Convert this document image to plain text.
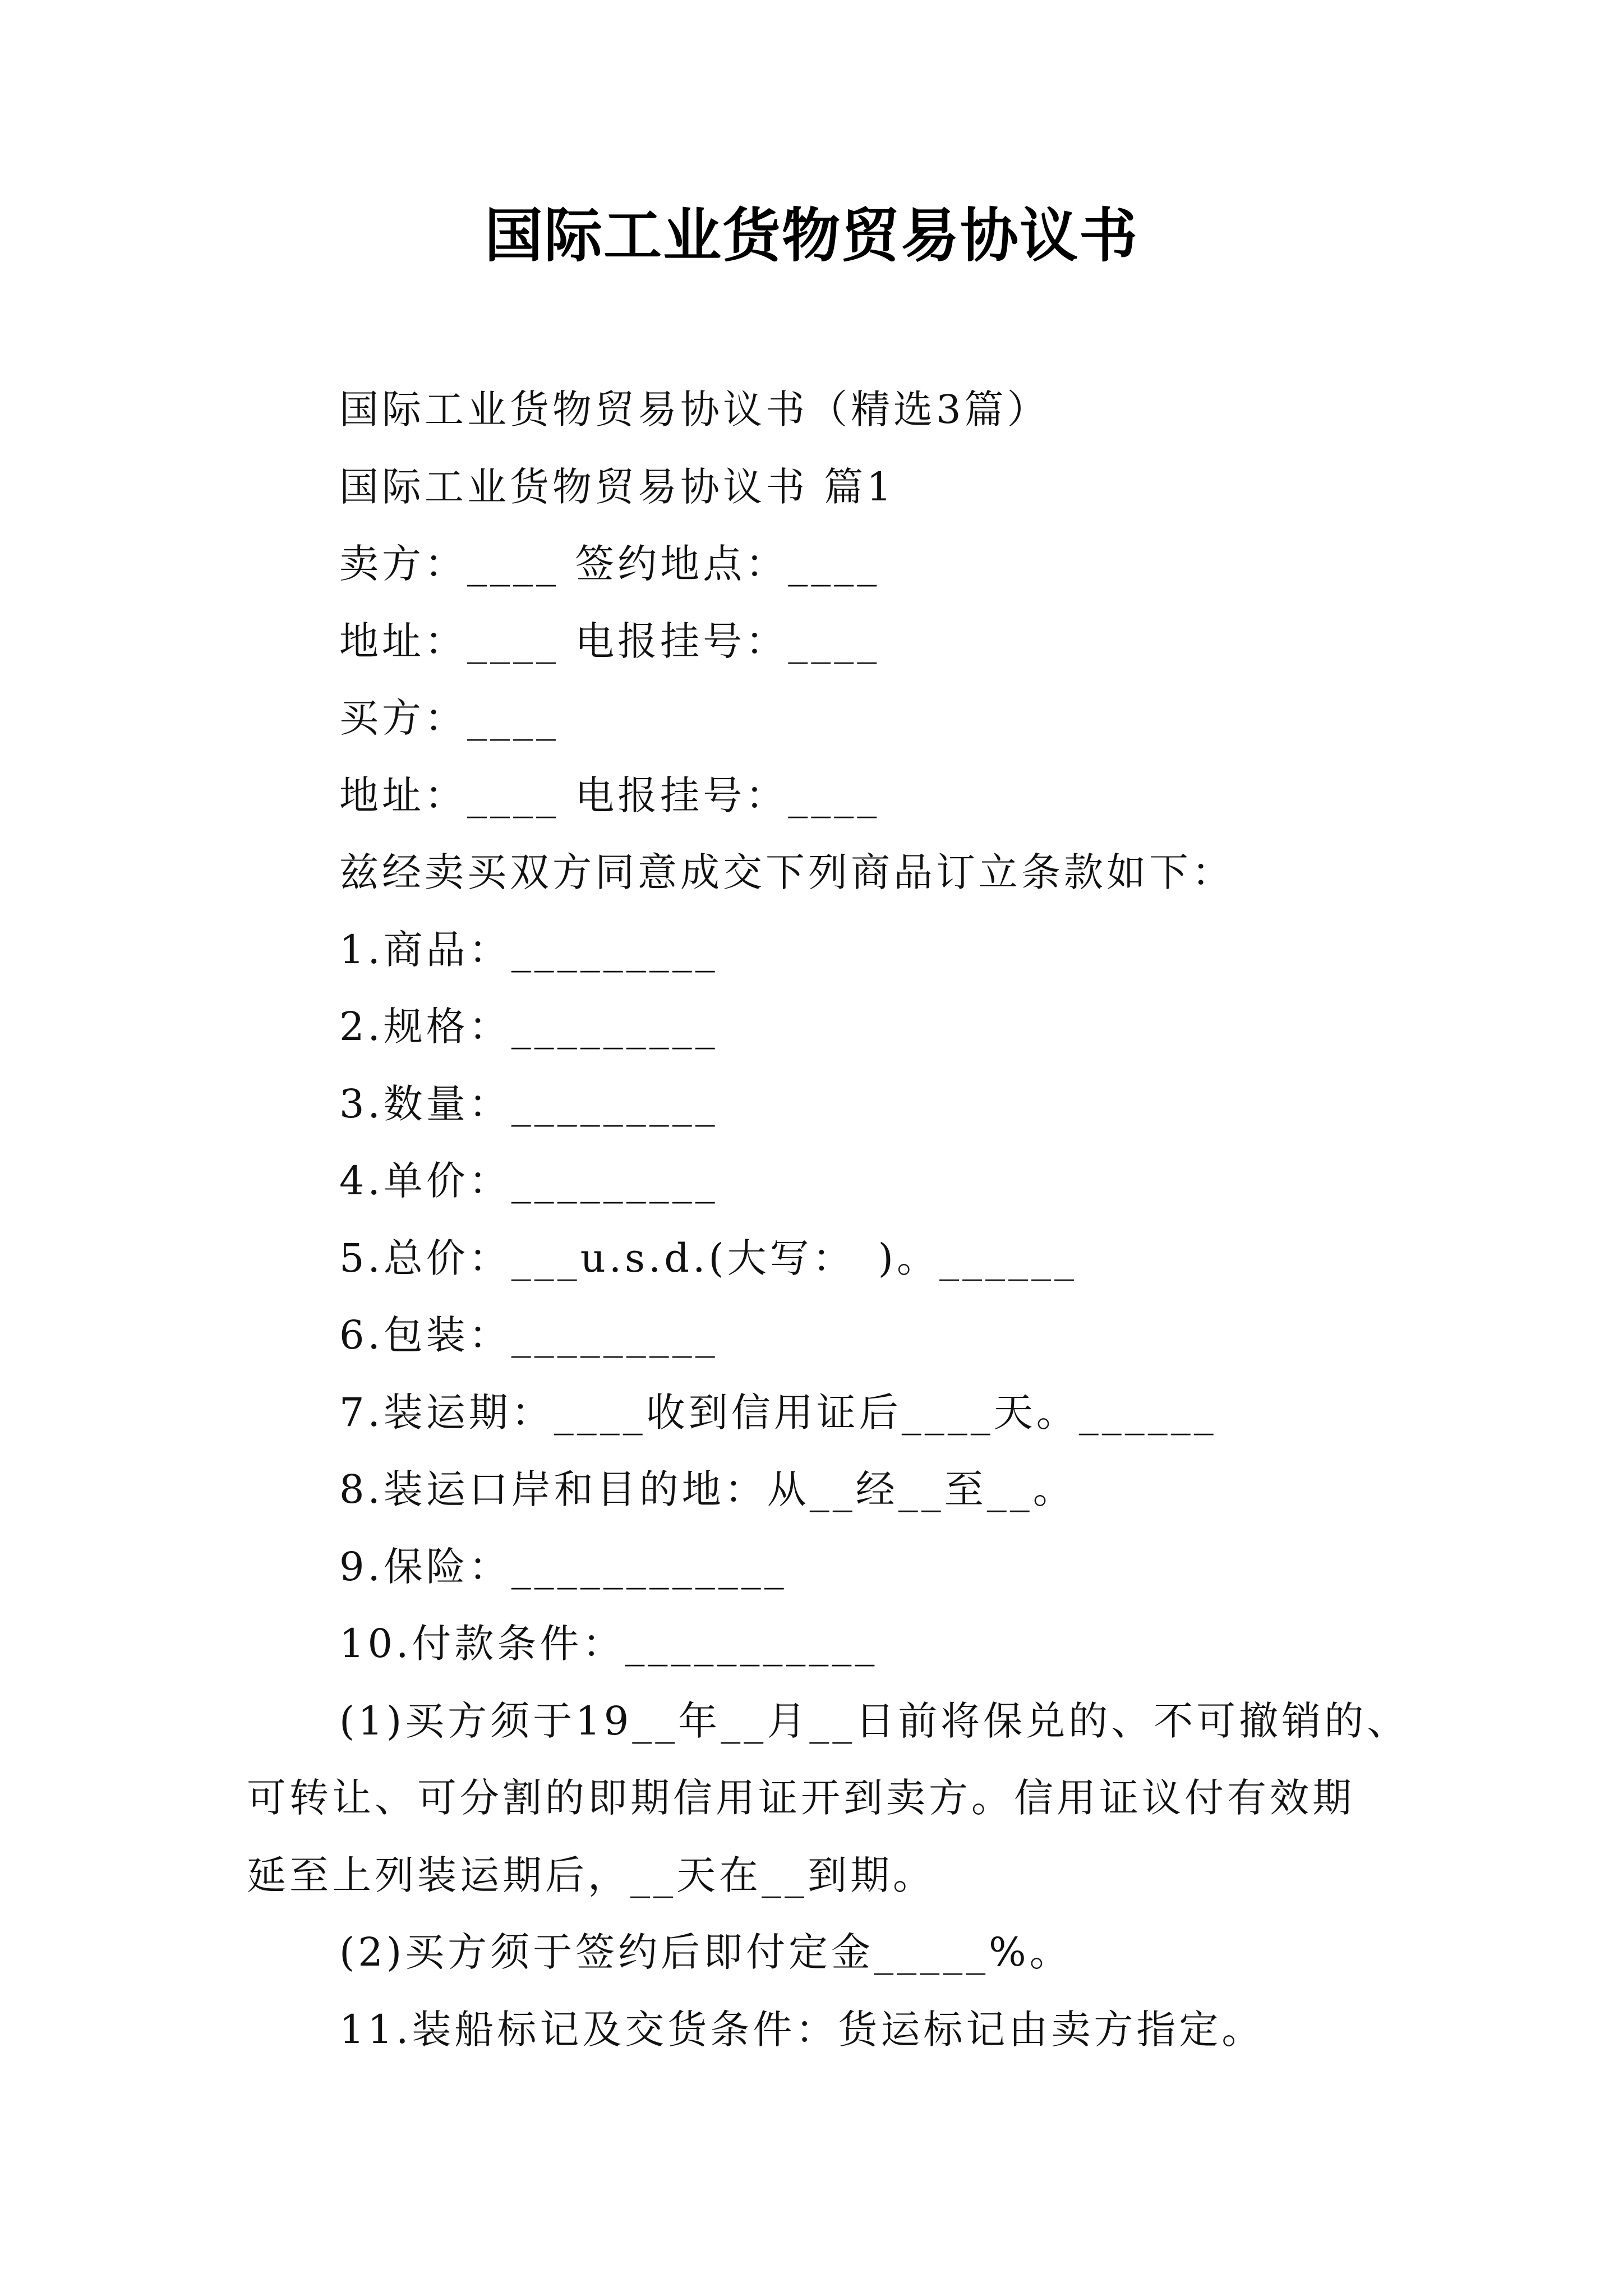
国际工业货物贸易协议书
国际工业货物贸易协议书（精选3篇）
国际工业货物贸易协议书 篇1
卖方：____ 签约地点：____
地址：____ 电报挂号：____
买方：____
地址：____ 电报挂号：____
兹经卖买双方同意成交下列商品订立条款如下：
1.商品：_________
2.规格：_________
3.数量：_________
4.单价：_________
5.总价：___u.s.d.(大写：　)。______
6.包装：_________
7.装运期：____收到信用证后____天。______
8.装运口岸和目的地：从__经__至__。
9.保险：____________
10.付款条件：___________
(1)买方须于19__年__月__日前将保兑的、不可撤销的、
可转让、可分割的即期信用证开到卖方。信用证议付有效期
延至上列装运期后，__天在__到期。
(2)买方须于签约后即付定金_____%。
11.装船标记及交货条件：货运标记由卖方指定。
